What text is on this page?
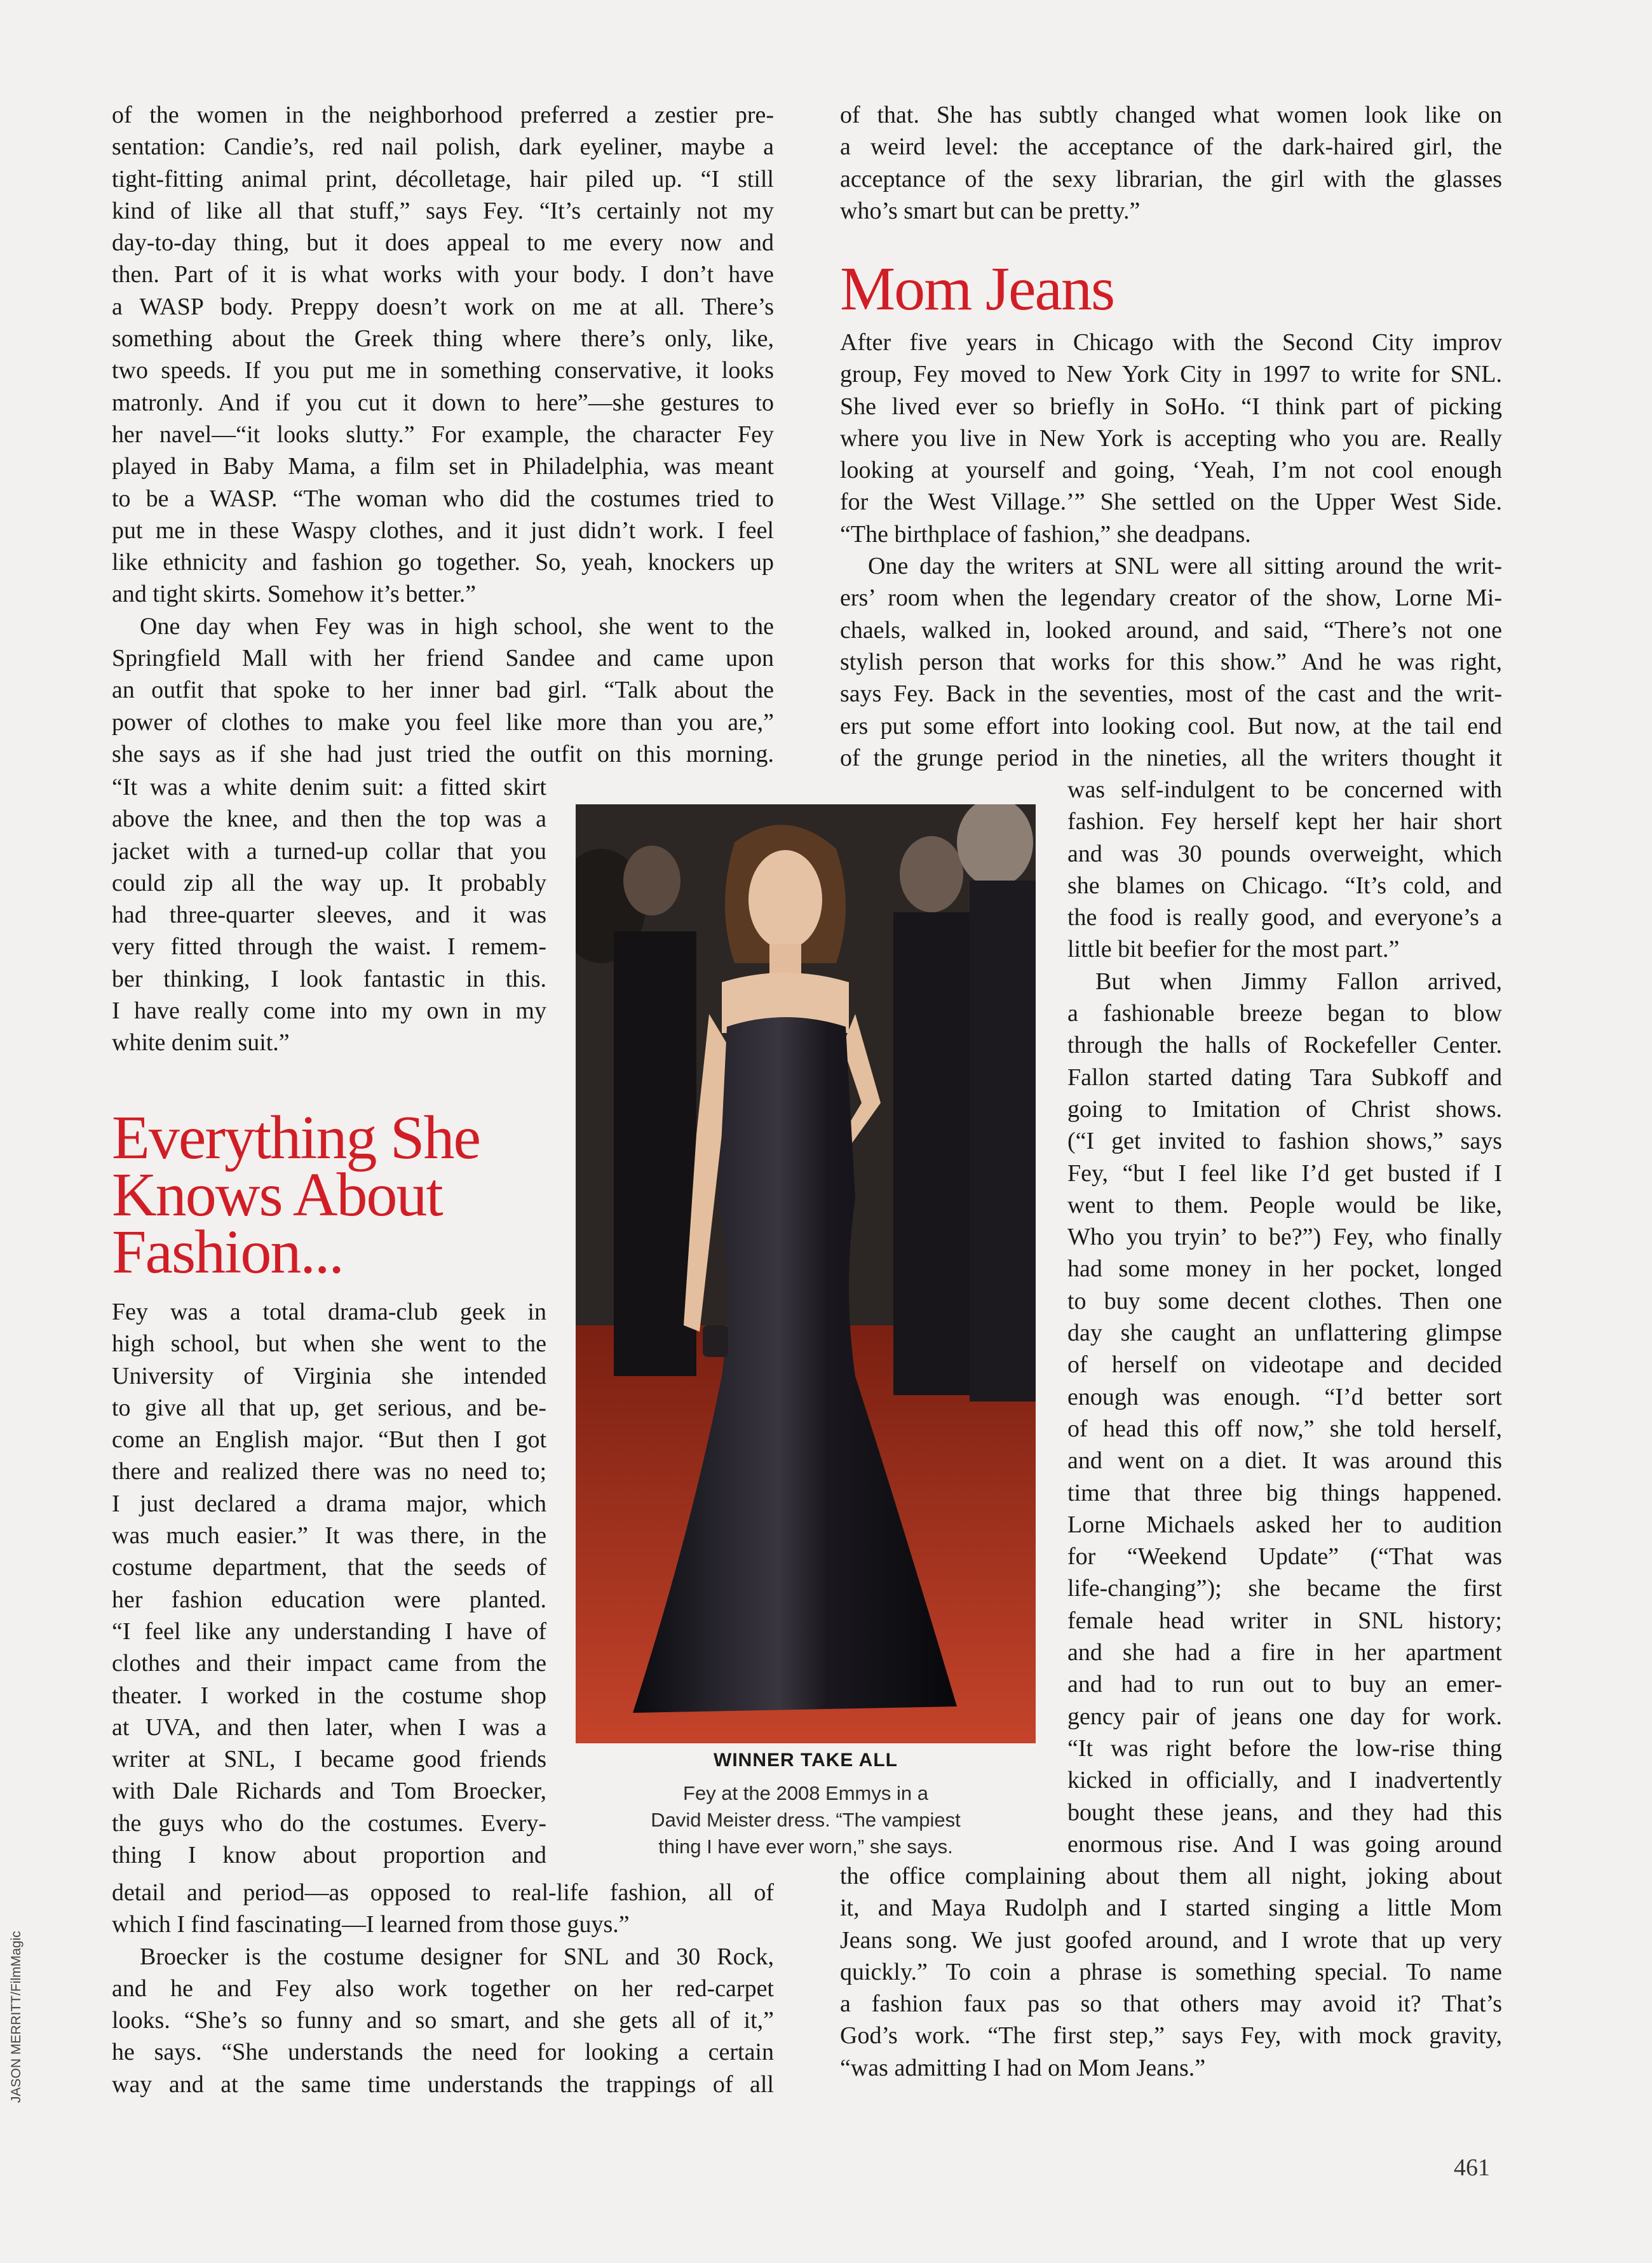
of the women in the neighborhood preferred a zestier pre-
sentation: Candie’s, red nail polish, dark eyeliner, maybe a
tight-fitting animal print, décolletage, hair piled up. “I still
kind of like all that stuff,” says Fey. “It’s certainly not my
day-to-day thing, but it does appeal to me every now and
then. Part of it is what works with your body. I don’t have
a WASP body. Preppy doesn’t work on me at all. There’s
something about the Greek thing where there’s only, like,
two speeds. If you put me in something conservative, it looks
matronly. And if you cut it down to here”—she gestures to
her navel—“it looks slutty.” For example, the character Fey
played in Baby Mama, a film set in Philadelphia, was meant
to be a WASP. “The woman who did the costumes tried to
put me in these Waspy clothes, and it just didn’t work. I feel
like ethnicity and fashion go together. So, yeah, knockers up
and tight skirts. Somehow it’s better.”
One day when Fey was in high school, she went to the
Springfield Mall with her friend Sandee and came upon
an outfit that spoke to her inner bad girl. “Talk about the
power of clothes to make you feel like more than you are,”
she says as if she had just tried the outfit on this morning.
“It was a white denim suit: a fitted skirt
above the knee, and then the top was a
jacket with a turned-up collar that you
could zip all the way up. It probably
had three-quarter sleeves, and it was
very fitted through the waist. I remem-
ber thinking, I look fantastic in this.
I have really come into my own in my
white denim suit.”
Everything She
Knows About
Fashion...
Fey was a total drama-club geek in
high school, but when she went to the
University of Virginia she intended
to give all that up, get serious, and be-
come an English major. “But then I got
there and realized there was no need to;
I just declared a drama major, which
was much easier.” It was there, in the
costume department, that the seeds of
her fashion education were planted.
“I feel like any understanding I have of
clothes and their impact came from the
theater. I worked in the costume shop
at UVA, and then later, when I was a
writer at SNL, I became good friends
with Dale Richards and Tom Broecker,
the guys who do the costumes. Every-
thing I know about proportion and
detail and period—as opposed to real-life fashion, all of
which I find fascinating—I learned from those guys.”
Broecker is the costume designer for SNL and 30 Rock,
and he and Fey also work together on her red-carpet
looks. “She’s so funny and so smart, and she gets all of it,”
he says. “She understands the need for looking a certain
way and at the same time understands the trappings of all
of that. She has subtly changed what women look like on
a weird level: the acceptance of the dark-haired girl, the
acceptance of the sexy librarian, the girl with the glasses
who’s smart but can be pretty.”
Mom Jeans
After five years in Chicago with the Second City improv
group, Fey moved to New York City in 1997 to write for SNL.
She lived ever so briefly in SoHo. “I think part of picking
where you live in New York is accepting who you are. Really
looking at yourself and going, ‘Yeah, I’m not cool enough
for the West Village.’” She settled on the Upper West Side.
“The birthplace of fashion,” she deadpans.
One day the writers at SNL were all sitting around the writ-
ers’ room when the legendary creator of the show, Lorne Mi-
chaels, walked in, looked around, and said, “There’s not one
stylish person that works for this show.” And he was right,
says Fey. Back in the seventies, most of the cast and the writ-
ers put some effort into looking cool. But now, at the tail end
of the grunge period in the nineties, all the writers thought it
was self-indulgent to be concerned with
fashion. Fey herself kept her hair short
and was 30 pounds overweight, which
she blames on Chicago. “It’s cold, and
the food is really good, and everyone’s a
little bit beefier for the most part.”
But when Jimmy Fallon arrived,
a fashionable breeze began to blow
through the halls of Rockefeller Center.
Fallon started dating Tara Subkoff and
going to Imitation of Christ shows.
(“I get invited to fashion shows,” says
Fey, “but I feel like I’d get busted if I
went to them. People would be like,
Who you tryin’ to be?”) Fey, who finally
had some money in her pocket, longed
to buy some decent clothes. Then one
day she caught an unflattering glimpse
of herself on videotape and decided
enough was enough. “I’d better sort
of head this off now,” she told herself,
and went on a diet. It was around this
time that three big things happened.
Lorne Michaels asked her to audition
for “Weekend Update” (“That was
life-changing”); she became the first
female head writer in SNL history;
and she had a fire in her apartment
and had to run out to buy an emer-
gency pair of jeans one day for work.
“It was right before the low-rise thing
kicked in officially, and I inadvertently
bought these jeans, and they had this
enormous rise. And I was going around
the office complaining about them all night, joking about
it, and Maya Rudolph and I started singing a little Mom
Jeans song. We just goofed around, and I wrote that up very
quickly.” To coin a phrase is something special. To name
a fashion faux pas so that others may avoid it? That’s
God’s work. “The first step,” says Fey, with mock gravity,
“was admitting I had on Mom Jeans.”
WINNER TAKE ALL
Fey at the 2008 Emmys in a
David Meister dress. “The vampiest
thing I have ever worn,” she says.
JASON MERRITT/FilmMagic
461
